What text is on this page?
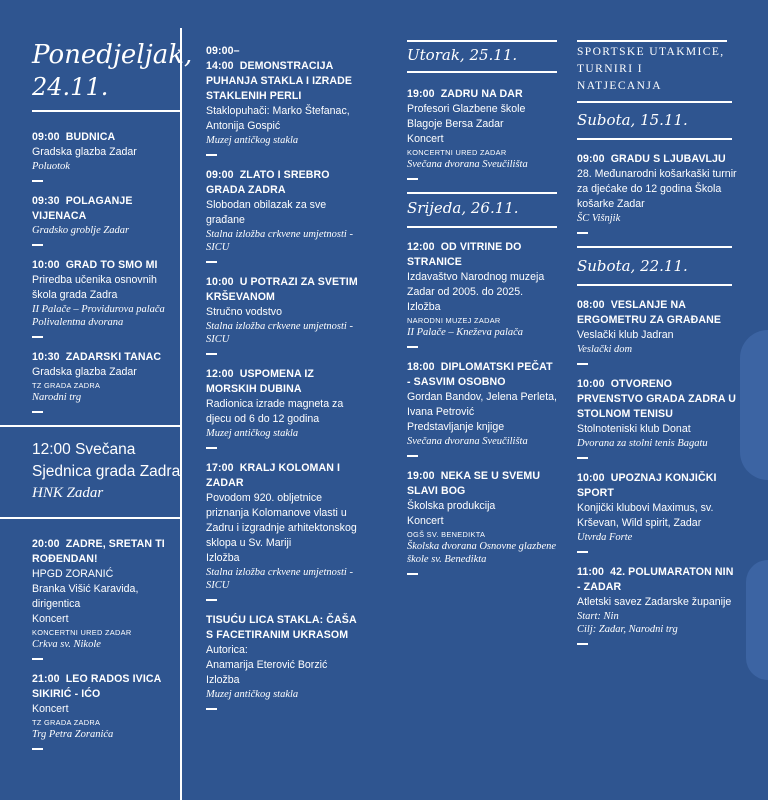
Ponedjeljak,
24.11.
09:00 BUDNICA
Gradska glazba Zadar
Poluotok
09:30 POLAGANJE VIJENACA
Gradsko groblje Zadar
10:00 GRAD TO SMO MI
Priredba učenika osnovnih škola grada Zadra
II Palače – Providurova palača
Polivalentna dvorana
10:30 ZADARSKI TANAC
Gradska glazba Zadar
TZ GRADA ZADRA
Narodni trg
12:00 Svečana Sjednica grada Zadra
HNK Zadar
20:00 ZADRE, SRETAN TI ROĐENDAN!
HPGD ZORANIĆ
Branka Višić Karavida, dirigentica
Koncert
KONCERTNI URED ZADAR
Crkva sv. Nikole
21:00 LEO RADOS IVICA SIKIRIĆ - IĆO
Koncert
TZ GRADA ZADRA
Trg Petra Zoranića
09:00–14:00 DEMONSTRACIJA PUHANJA STAKLA I IZRADE STAKLENIH PERLI
Staklopuhači: Marko Štefanac, Antonija Gospić
Muzej antičkog stakla
09:00 ZLATO I SREBRO GRADA ZADRA
Slobodan obilazak za sve građane
Stalna izložba crkvene umjetnosti - SICU
10:00 U POTRAZI ZA SVETIM KRŠEVANOM
Stručno vodstvo
Stalna izložba crkvene umjetnosti - SICU
12:00 USPOMENA IZ MORSKIH DUBINA
Radionica izrade magneta za djecu od 6 do 12 godina
Muzej antičkog stakla
17:00 KRALJ KOLOMAN I ZADAR
Povodom 920. obljetnice priznanja Kolomanove vlasti u Zadru i izgradnje arhitektonskog sklopa u Sv. Mariji
Izložba
Stalna izložba crkvene umjetnosti - SICU
TISUĆU LICA STAKLA: ČAŠA S FACETIRANIM UKRASOM
Autorica:
Anamarija Eterović Borzić
Izložba
Muzej antičkog stakla
Utorak, 25.11.
19:00 ZADRU NA DAR
Profesori Glazbene škole Blagoje Bersa Zadar
Koncert
KONCERTNI URED ZADAR
Svečana dvorana Sveučilišta
Srijeda, 26.11.
12:00 OD VITRINE DO STRANICE
Izdavaštvo Narodnog muzeja Zadar od 2005. do 2025.
Izložba
NARODNI MUZEJ ZADAR
II Palače – Kneževa palača
18:00 DIPLOMATSKI PEČAT - SASVIM OSOBNO
Gordan Bandov, Jelena Perleta, Ivana Petrović
Predstavljanje knjige
Svečana dvorana Sveučilišta
19:00 NEKA SE U SVEMU SLAVI BOG
Školska produkcija
Koncert
OGŠ SV. BENEDIKTA
Školska dvorana Osnovne glazbene škole sv. Benedikta
SPORTSKE UTAKMICE, TURNIRI I NATJECANJA
Subota, 15.11.
09:00 GRADU S LJUBAVLJU
28. Međunarodni košarkaški turnir za djećake do 12 godina Škola košarke Zadar
ŠC Višnjik
Subota, 22.11.
08:00 VESLANJE NA ERGOMETRU ZA GRAĐANE
Veslački klub Jadran
Veslački dom
10:00 OTVORENO PRVENSTVO GRADA ZADRA U STOLNOM TENISU
Stolnoteniski klub Donat
Dvorana za stolni tenis Bagatu
10:00 UPOZNAJ KONJIČKI SPORT
Konjički klubovi Maximus, sv. Krševan, Wild spirit, Zadar
Utvrda Forte
11:00 42. POLUMARATON NIN - ZADAR
Atletski savez Zadarske županije
Start: Nin
Cilj: Zadar, Narodni trg
